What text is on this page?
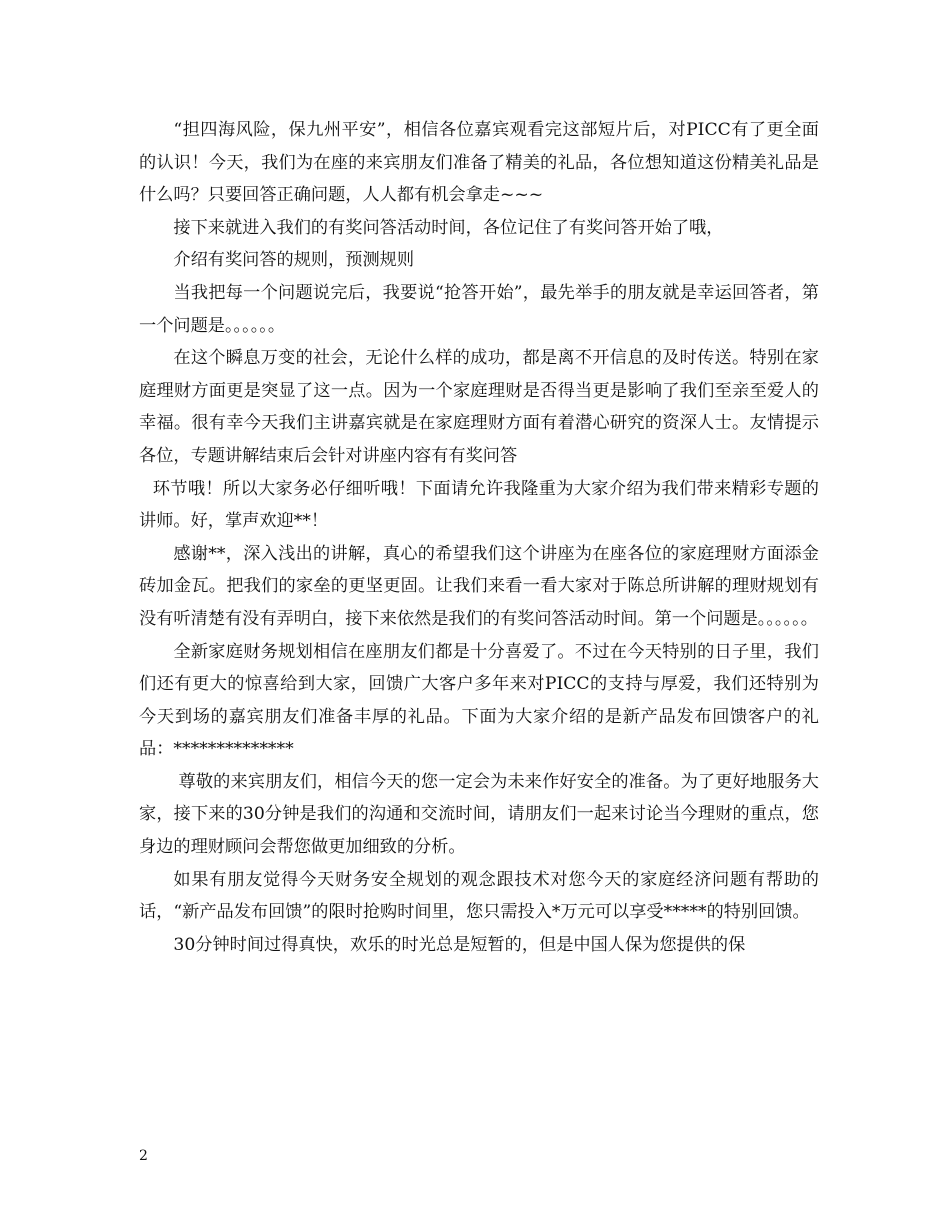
“担四海风险，保九州平安”，相信各位嘉宾观看完这部短片后，对PICC有了更全面的认识！今天，我们为在座的来宾朋友们准备了精美的礼品，各位想知道这份精美礼品是什么吗？只要回答正确问题，人人都有机会拿走~~~

接下来就进入我们的有奖问答活动时间，各位记住了有奖问答开始了哦，

介绍有奖问答的规则，预测规则

当我把每一个问题说完后，我要说“抢答开始”，最先举手的朋友就是幸运回答者，第一个问题是。。。。。。

在这个瞬息万变的社会，无论什么样的成功，都是离不开信息的及时传送。特别在家庭理财方面更是突显了这一点。因为一个家庭理财是否得当更是影响了我们至亲至爱人的幸福。很有幸今天我们主讲嘉宾就是在家庭理财方面有着潜心研究的资深人士。友情提示各位，专题讲解结束后会针对讲座内容有有奖问答

环节哦！所以大家务必仔细听哦！下面请允许我隆重为大家介绍为我们带来精彩专题的讲师。好，掌声欢迎**！

感谢**，深入浅出的讲解，真心的希望我们这个讲座为在座各位的家庭理财方面添金砖加金瓦。把我们的家垒的更坚更固。让我们来看一看大家对于陈总所讲解的理财规划有没有听清楚有没有弄明白，接下来依然是我们的有奖问答活动时间。第一个问题是。。。。。。

全新家庭财务规划相信在座朋友们都是十分喜爱了。不过在今天特别的日子里，我们们还有更大的惊喜给到大家，回馈广大客户多年来对PICC的支持与厚爱，我们还特别为今天到场的嘉宾朋友们准备丰厚的礼品。下面为大家介绍的是新产品发布回馈客户的礼品：**************

尊敬的来宾朋友们，相信今天的您一定会为未来作好安全的准备。为了更好地服务大家，接下来的30分钟是我们的沟通和交流时间，请朋友们一起来讨论当今理财的重点，您身边的理财顾问会帮您做更加细致的分析。

如果有朋友觉得今天财务安全规划的观念跟技术对您今天的家庭经济问题有帮助的话，“新产品发布回馈”的限时抢购时间里，您只需投入*万元可以享受*****的特别回馈。

30分钟时间过得真快，欢乐的时光总是短暂的，但是中国人保为您提供的保

2
